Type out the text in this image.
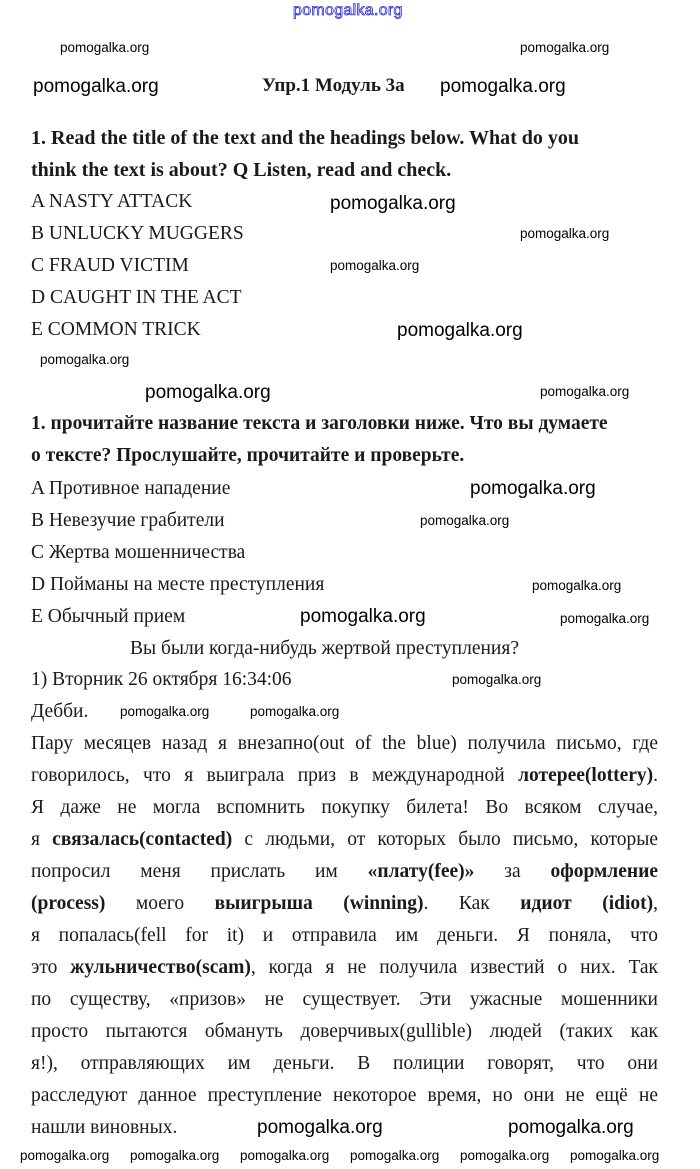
pomogalka.org
Упр.1 Модуль 3а
1. Read the title of the text and the headings below. What do you
think the text is about? Q Listen, read and check.
A NASTY ATTACK
B UNLUCKY MUGGERS
C FRAUD VICTIM
D CAUGHT IN THE ACT
E COMMON TRICK
1. прочитайте название текста и заголовки ниже. Что вы думаете
о тексте? Прослушайте, прочитайте и проверьте.
A Противное нападение
B Невезучие грабители
C Жертва мошенничества
D Пойманы на месте преступления
E Обычный прием
Вы были когда-нибудь жертвой преступления?
1) Вторник 26 октября 16:34:06
Дебби.
Пару месяцев назад я внезапно(out of the blue) получила письмо, где
говорилось, что я выиграла приз в международной лотерее(lottery).
Я даже не могла вспомнить покупку билета! Во всяком случае,
я связалась(contacted) с людьми, от которых было письмо, которые
попросил меня прислать им «плату(fee)» за оформление
(process) моего выигрыша (winning). Как идиот (idiot),
я попалась(fell for it) и отправила им деньги. Я поняла, что
это жульничество(scam), когда я не получила известий о них. Так
по существу, «призов» не существует. Эти ужасные мошенники
просто пытаются обмануть доверчивых(gullible) людей (таких как
я!), отправляющих им деньги. В полиции говорят, что они
расследуют данное преступление некоторое время, но они не ещё не
нашли виновных.
pomogalka.org	pomogalka.org
pomogalka.org
pomogalka.org
pomogalka.org
pomogalka.org
pomogalka.org
pomogalka.org	pomogalka.org
pomogalka.org
pomogalka.org
pomogalka.org
pomogalka.org	pomogalka.org
pomogalka.org
pomogalka.org	pomogalka.org
pomogalka.org	pomogalka.org
pomogalka.org pomogalka.org pomogalka.org pomogalka.org pomogalka.org pomogalka.org
pomogalka.org	pomogalka.org
